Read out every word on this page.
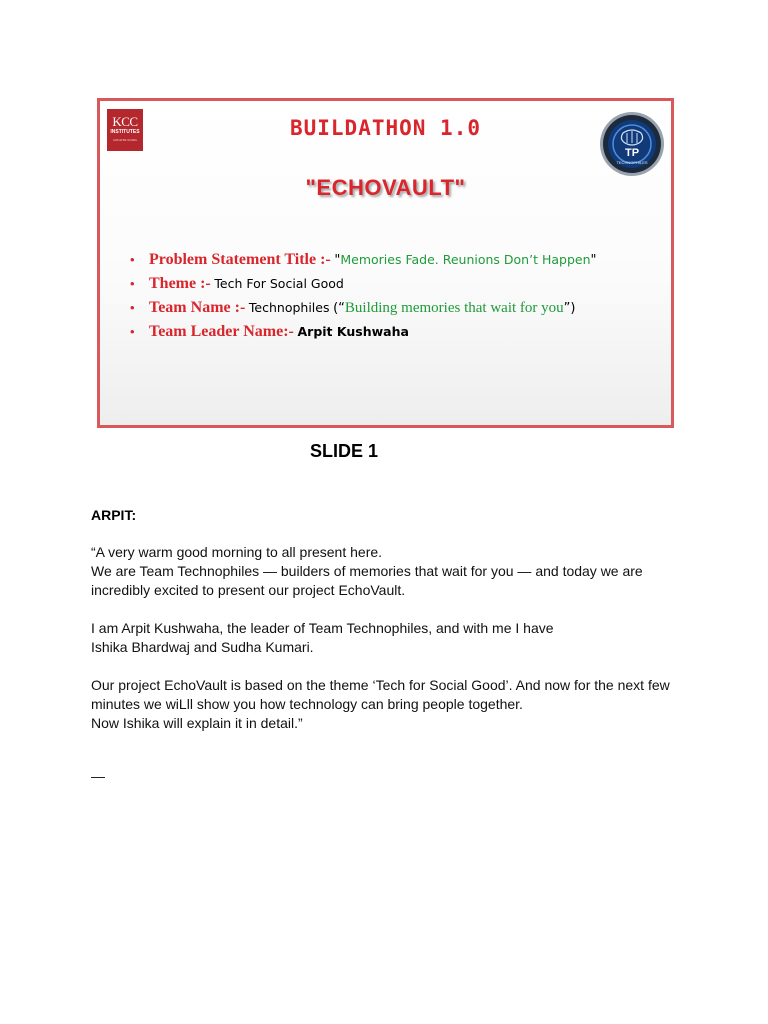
KCC
INSTITUTES
GREATER NOIDA	BUILDATHON 1.0
TP
TECHNOPHILES
"ECHOVAULT"
• Problem Statement Title :- "Memories Fade. Reunions Don’t Happen"
• Theme :- Tech For Social Good
• Team Name :- Technophiles (“Building memories that wait for you”)
• Team Leader Name:- Arpit Kushwaha
SLIDE 1
ARPIT:
“A very warm good morning to all present here.
We are Team Technophiles — builders of memories that wait for you — and today we are
incredibly excited to present our project EchoVault.
I am Arpit Kushwaha, the leader of Team Technophiles, and with me I have
Ishika Bhardwaj and Sudha Kumari.
Our project EchoVault is based on the theme ‘Tech for Social Good’. And now for the next few
minutes we wiLll show you how technology can bring people together.
Now Ishika will explain it in detail.”
—
